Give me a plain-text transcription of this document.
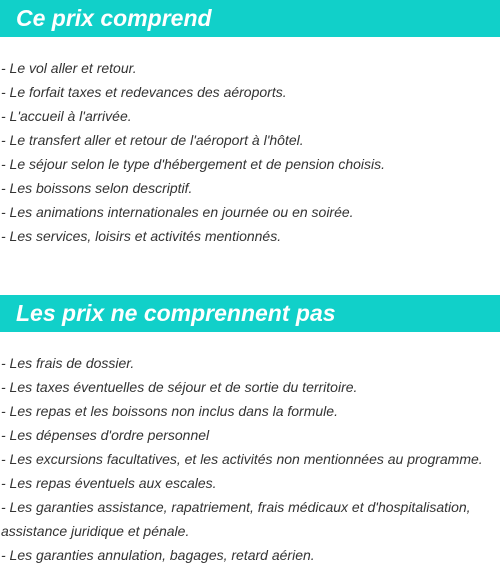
Ce prix comprend
- Le vol aller et retour.
- Le forfait taxes et redevances des aéroports.
- L'accueil à l'arrivée.
- Le transfert aller et retour de l'aéroport à l'hôtel.
- Le séjour selon le type d'hébergement et de pension choisis.
- Les boissons selon descriptif.
- Les animations internationales en journée ou en soirée.
- Les services, loisirs et activités mentionnés.
Les prix ne comprennent pas
- Les frais de dossier.
- Les taxes éventuelles de séjour et de sortie du territoire.
- Les repas et les boissons non inclus dans la formule.
- Les dépenses d'ordre personnel
- Les excursions facultatives, et les activités non mentionnées au programme.
- Les repas éventuels aux escales.
- Les garanties assistance, rapatriement, frais médicaux et d'hospitalisation, assistance juridique et pénale.
- Les garanties annulation, bagages, retard aérien.
